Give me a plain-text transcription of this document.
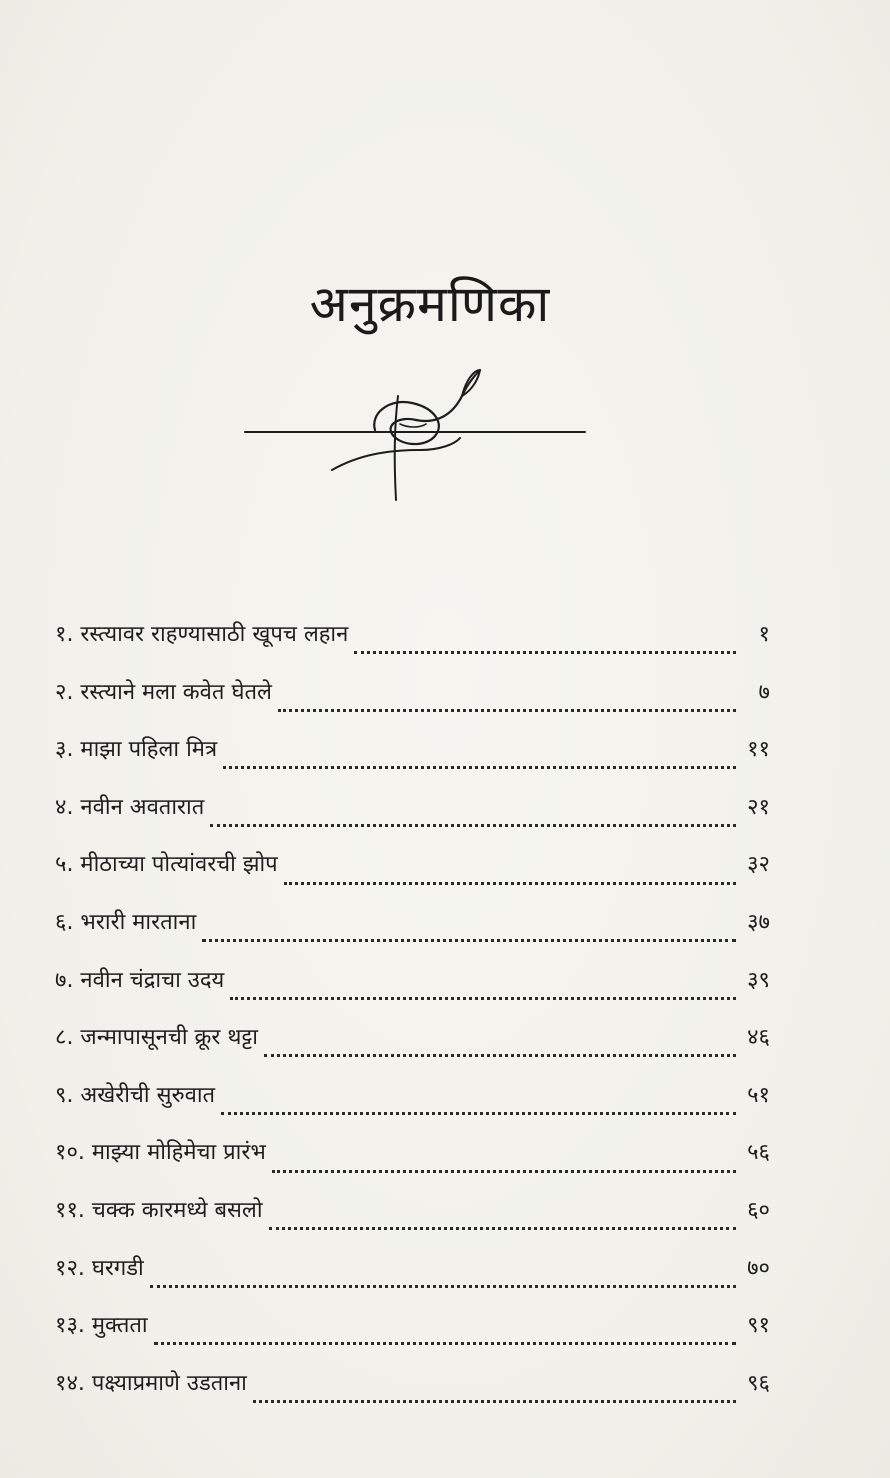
अनुक्रमणिका
१. रस्त्यावर राहण्यासाठी खूपच लहान	१
२. रस्त्याने मला कवेत घेतले	७
३. माझा पहिला मित्र	११
४. नवीन अवतारात	२१
५. मीठाच्या पोत्यांवरची झोप	३२
६. भरारी मारताना	३७
७. नवीन चंद्राचा उदय	३९
८. जन्मापासूनची क्रूर थट्टा	४६
९. अखेरीची सुरुवात	५१
१०. माझ्या मोहिमेचा प्रारंभ	५६
११. चक्क कारमध्ये बसलो	६०
१२. घरगडी	७०
१३. मुक्तता	९१
१४. पक्ष्याप्रमाणे उडताना	९६
